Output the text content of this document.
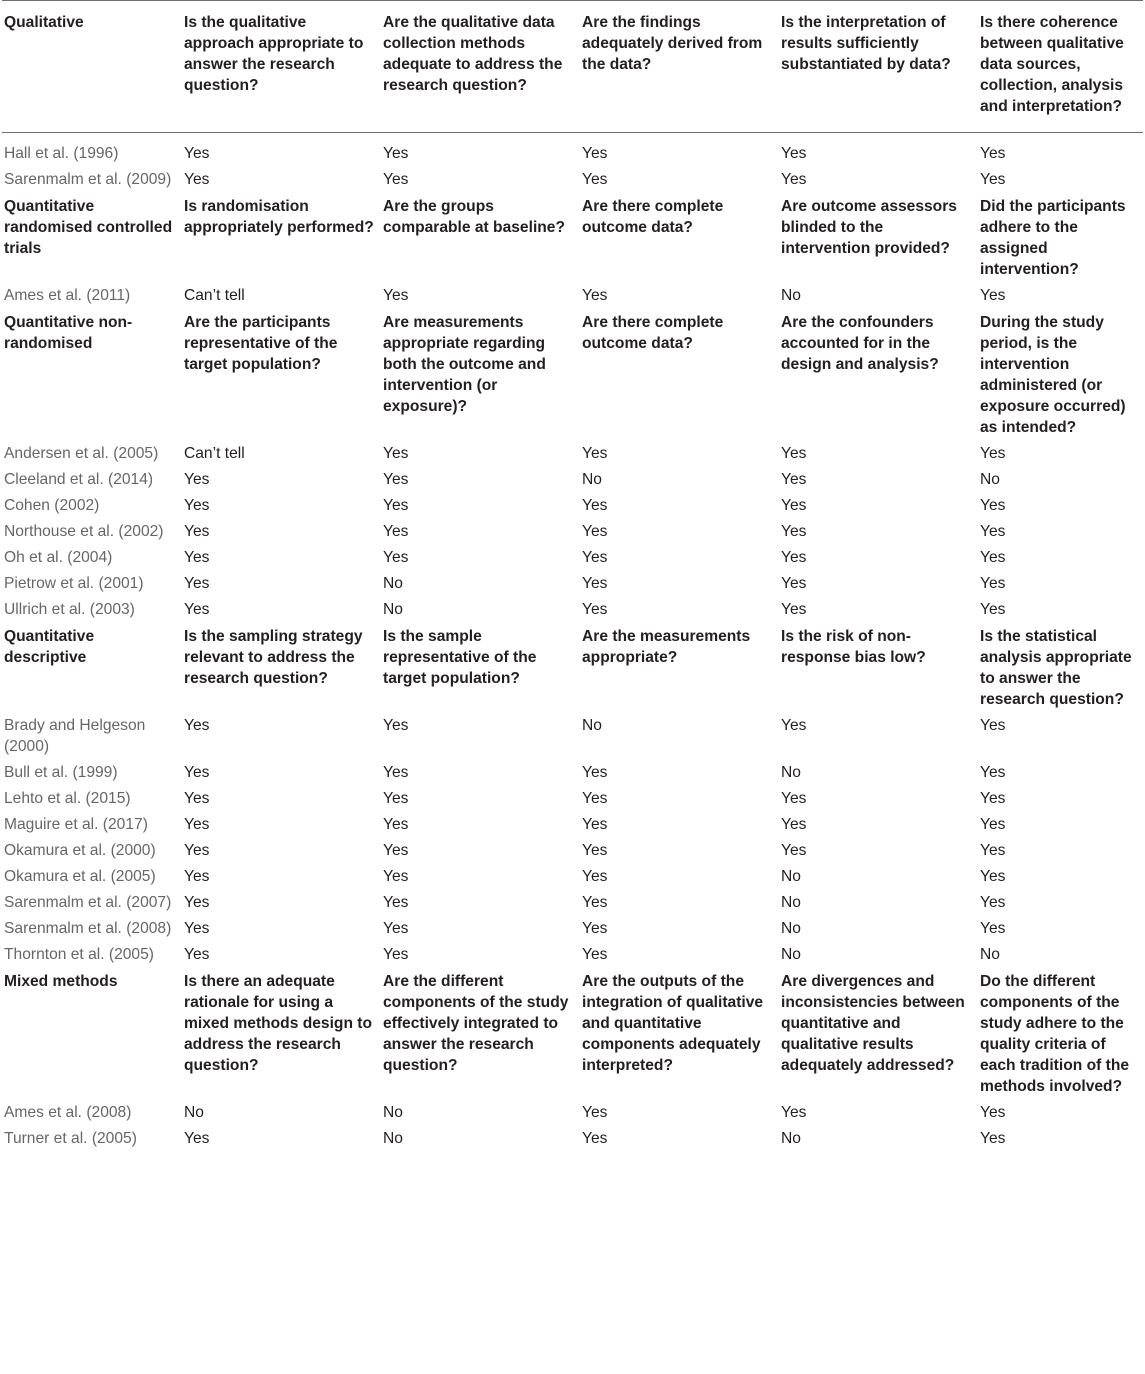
Qualitative	Is the qualitative approach appropriate to answer the research question?	Are the qualitative data collection methods adequate to address the research question?	Are the findings adequately derived from the data?	Is the interpretation of results sufficiently substantiated by data?	Is there coherence between qualitative data sources, collection, analysis and interpretation?
Hall et al. (1996)	Yes	Yes	Yes	Yes	Yes
Sarenmalm et al. (2009)	Yes	Yes	Yes	Yes	Yes
Quantitative randomised controlled trials	Is randomisation appropriately performed?	Are the groups comparable at baseline?	Are there complete outcome data?	Are outcome assessors blinded to the intervention provided?	Did the participants adhere to the assigned intervention?
Ames et al. (2011)	Can’t tell	Yes	Yes	No	Yes
Quantitative non-randomised	Are the participants representative of the target population?	Are measurements appropriate regarding both the outcome and intervention (or exposure)?	Are there complete outcome data?	Are the confounders accounted for in the design and analysis?	During the study period, is the intervention administered (or exposure occurred) as intended?
Andersen et al. (2005)	Can’t tell	Yes	Yes	Yes	Yes
Cleeland et al. (2014)	Yes	Yes	No	Yes	No
Cohen (2002)	Yes	Yes	Yes	Yes	Yes
Northouse et al. (2002)	Yes	Yes	Yes	Yes	Yes
Oh et al. (2004)	Yes	Yes	Yes	Yes	Yes
Pietrow et al. (2001)	Yes	No	Yes	Yes	Yes
Ullrich et al. (2003)	Yes	No	Yes	Yes	Yes
Quantitative descriptive	Is the sampling strategy relevant to address the research question?	Is the sample representative of the target population?	Are the measurements appropriate?	Is the risk of non-response bias low?	Is the statistical analysis appropriate to answer the research question?
Brady and Helgeson (2000)	Yes	Yes	No	Yes	Yes
Bull et al. (1999)	Yes	Yes	Yes	No	Yes
Lehto et al. (2015)	Yes	Yes	Yes	Yes	Yes
Maguire et al. (2017)	Yes	Yes	Yes	Yes	Yes
Okamura et al. (2000)	Yes	Yes	Yes	Yes	Yes
Okamura et al. (2005)	Yes	Yes	Yes	No	Yes
Sarenmalm et al. (2007)	Yes	Yes	Yes	No	Yes
Sarenmalm et al. (2008)	Yes	Yes	Yes	No	Yes
Thornton et al. (2005)	Yes	Yes	Yes	No	No
Mixed methods	Is there an adequate rationale for using a mixed methods design to address the research question?	Are the different components of the study effectively integrated to answer the research question?	Are the outputs of the integration of qualitative and quantitative components adequately interpreted?	Are divergences and inconsistencies between quantitative and qualitative results adequately addressed?	Do the different components of the study adhere to the quality criteria of each tradition of the methods involved?
Ames et al. (2008)	No	No	Yes	Yes	Yes
Turner et al. (2005)	Yes	No	Yes	No	Yes
